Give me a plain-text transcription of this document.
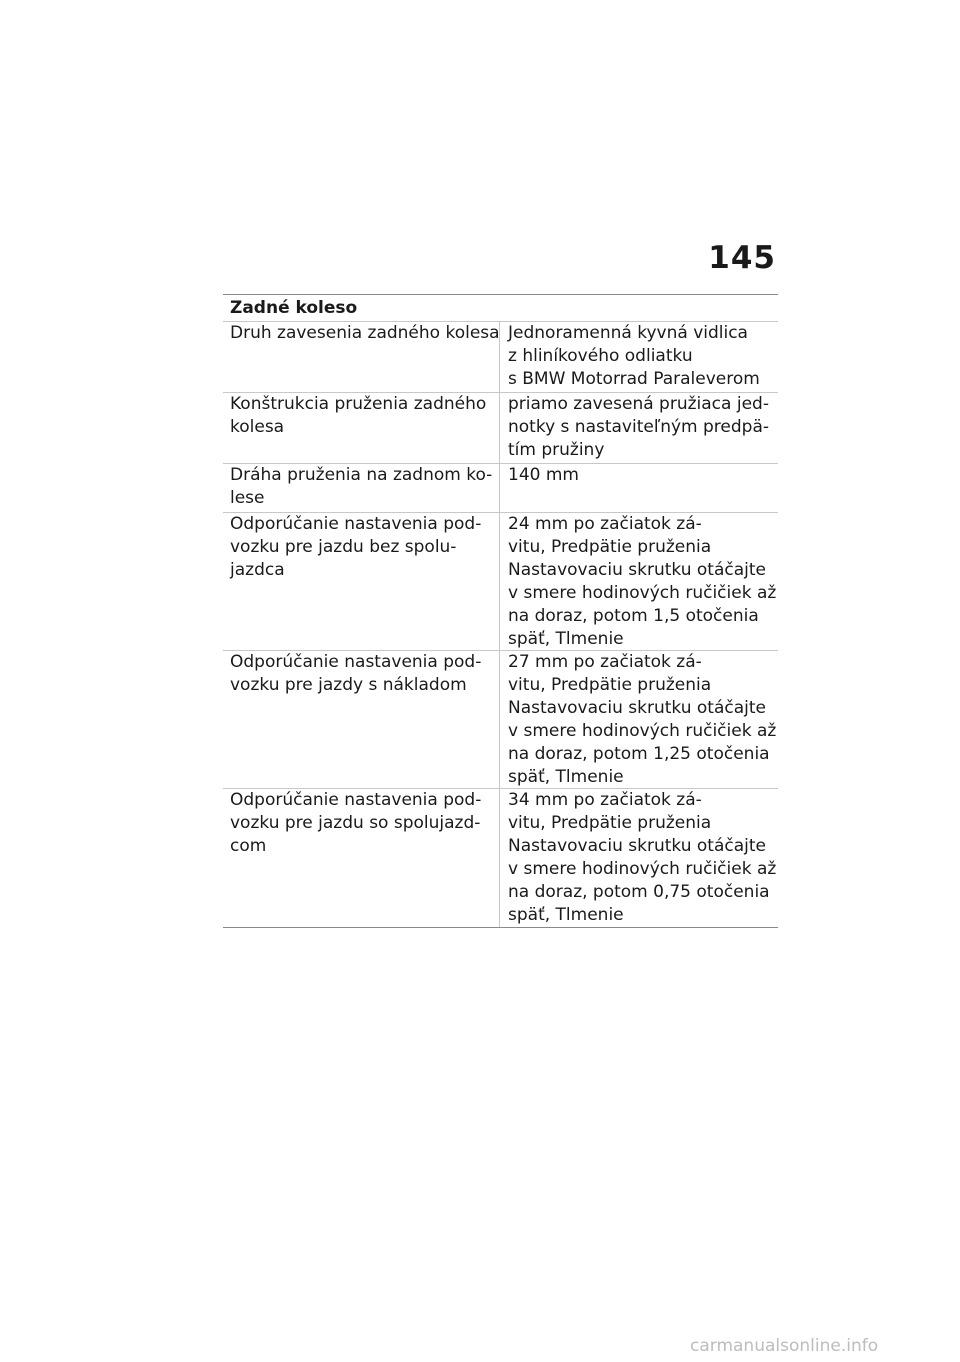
145
Zadné koleso
Druh zavesenia zadného kolesa Jednoramenná kyvná vidlica
z hliníkového odliatku
s BMW Motorrad Paraleverom
Konštrukcia pruženia zadného
kolesa
priamo zavesená pružiaca jed-
notky s nastaviteľným predpä-
tím pružiny
Dráha pruženia na zadnom ko-
lese
140 mm
Odporúčanie nastavenia pod-
vozku pre jazdu bez spolu-
jazdca
24 mm po začiatok zá-
vitu, Predpätie pruženia
Nastavovaciu skrutku otáčajte
v smere hodinových ručičiek až
na doraz, potom 1,5 otočenia
späť, Tlmenie
Odporúčanie nastavenia pod-
vozku pre jazdy s nákladom
27 mm po začiatok zá-
vitu, Predpätie pruženia
Nastavovaciu skrutku otáčajte
v smere hodinových ručičiek až
na doraz, potom 1,25 otočenia
späť, Tlmenie
Odporúčanie nastavenia pod-
vozku pre jazdu so spolujazd-
com
34 mm po začiatok zá-
vitu, Predpätie pruženia
Nastavovaciu skrutku otáčajte
v smere hodinových ručičiek až
na doraz, potom 0,75 otočenia
späť, Tlmenie
carmanualsonline.info
